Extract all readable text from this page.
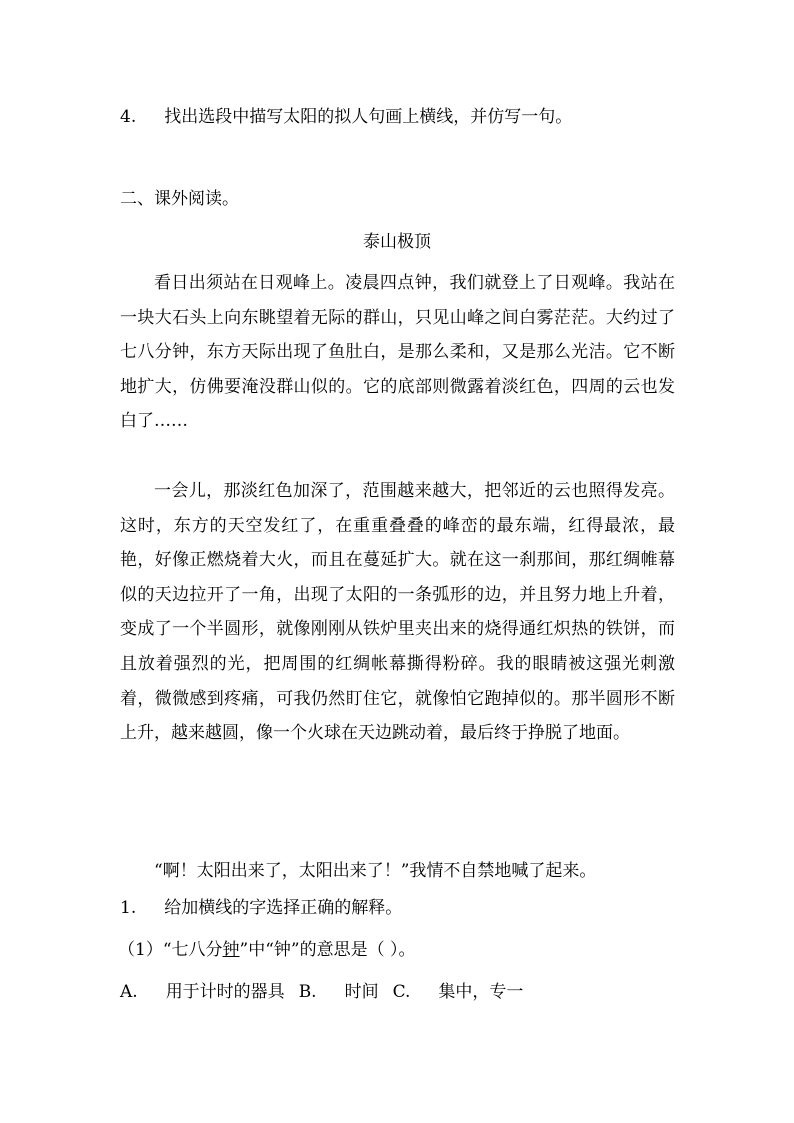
4. 找出选段中描写太阳的拟人句画上横线，并仿写一句。
二、课外阅读。
泰山极顶
看日出须站在日观峰上。凌晨四点钟，我们就登上了日观峰。我站在一块大石头上向东眺望着无际的群山，只见山峰之间白雾茫茫。大约过了七八分钟，东方天际出现了鱼肚白，是那么柔和，又是那么光洁。它不断地扩大，仿佛要淹没群山似的。它的底部则微露着淡红色，四周的云也发白了……
一会儿，那淡红色加深了，范围越来越大，把邻近的云也照得发亮。这时，东方的天空发红了，在重重叠叠的峰峦的最东端，红得最浓，最艳，好像正燃烧着大火，而且在蔓延扩大。就在这一刹那间，那红绸帷幕似的天边拉开了一角，出现了太阳的一条弧形的边，并且努力地上升着，变成了一个半圆形，就像刚刚从铁炉里夹出来的烧得通红炽热的铁饼，而且放着强烈的光，把周围的红绸帐幕撕得粉碎。我的眼睛被这强光刺激着，微微感到疼痛，可我仍然盯住它，就像怕它跑掉似的。那半圆形不断上升，越来越圆，像一个火球在天边跳动着，最后终于挣脱了地面。
“啊！太阳出来了，太阳出来了！”我情不自禁地喊了起来。
1. 给加横线的字选择正确的解释。
（1）“七八分钟”中“钟”的意思是（ ）。
A. 用于计时的器具 B. 时间 C. 集中，专一
